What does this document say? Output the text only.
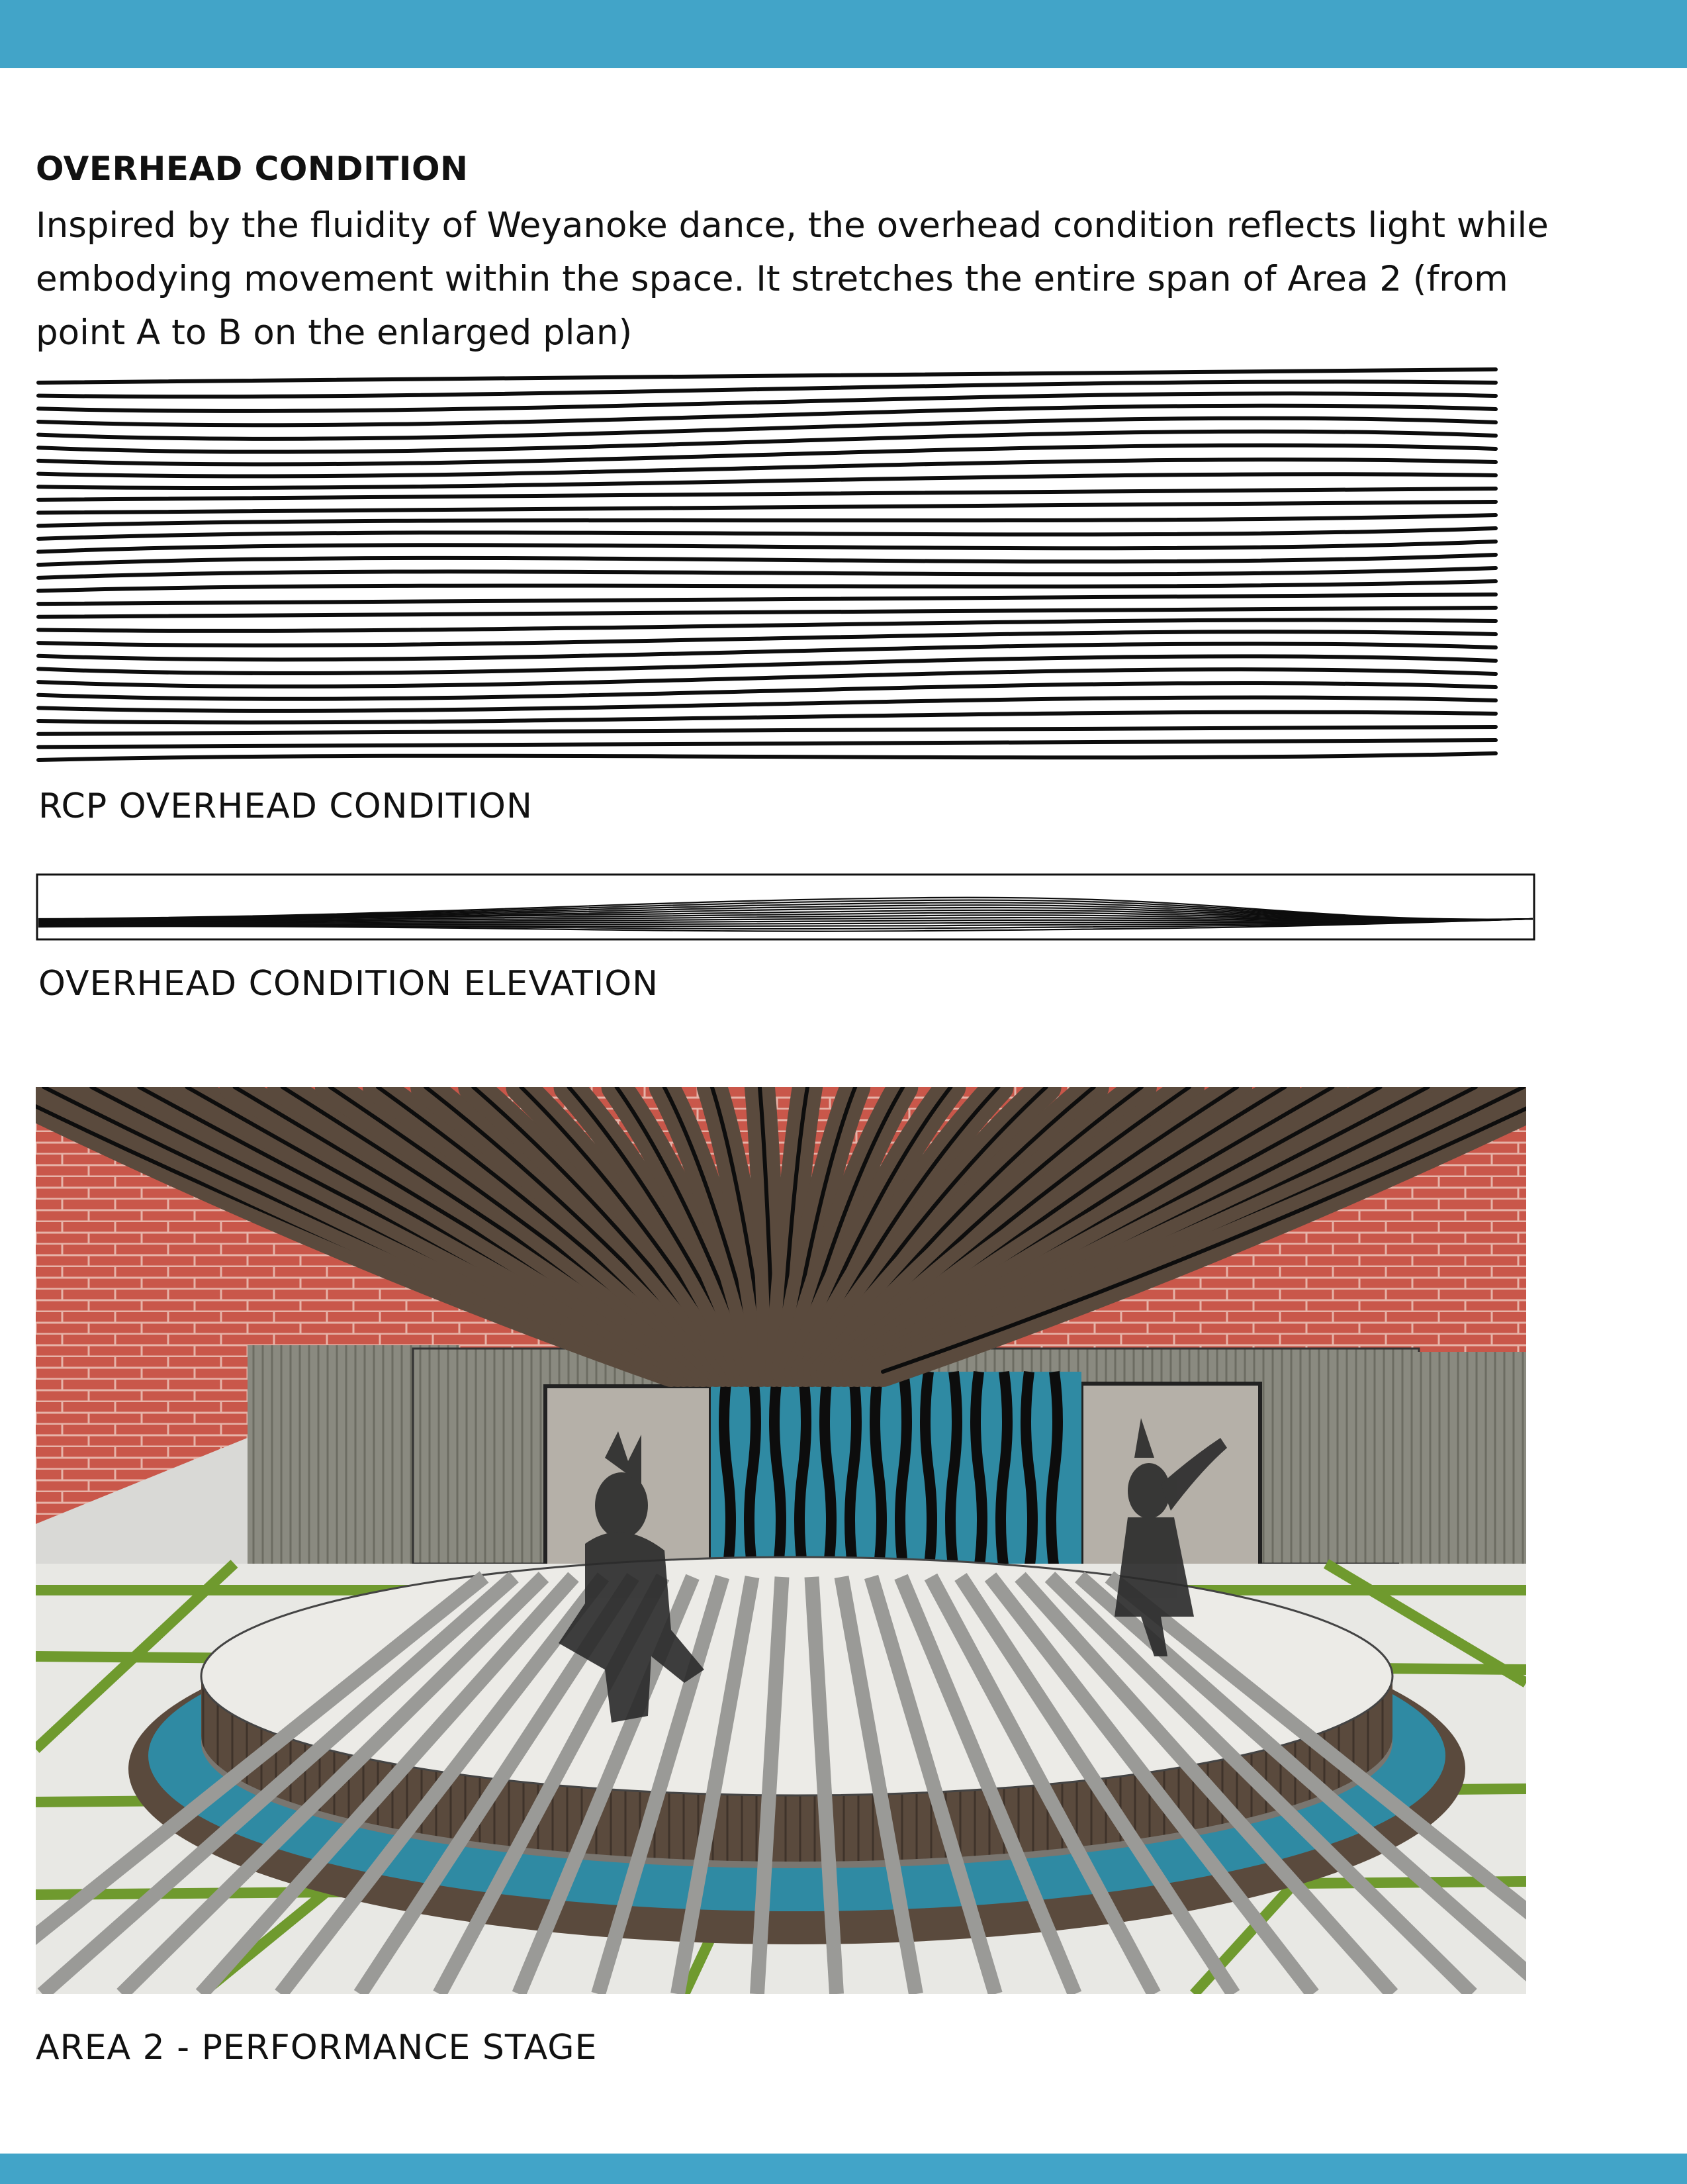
OVERHEAD CONDITION

Inspired by the fluidity of Weyanoke dance, the overhead condition reflects light while embodying movement within the space. It stretches the entire span of Area 2 (from point A to B on the enlarged plan)

RCP OVERHEAD CONDITION

OVERHEAD CONDITION ELEVATION

AREA 2 - PERFORMANCE STAGE
